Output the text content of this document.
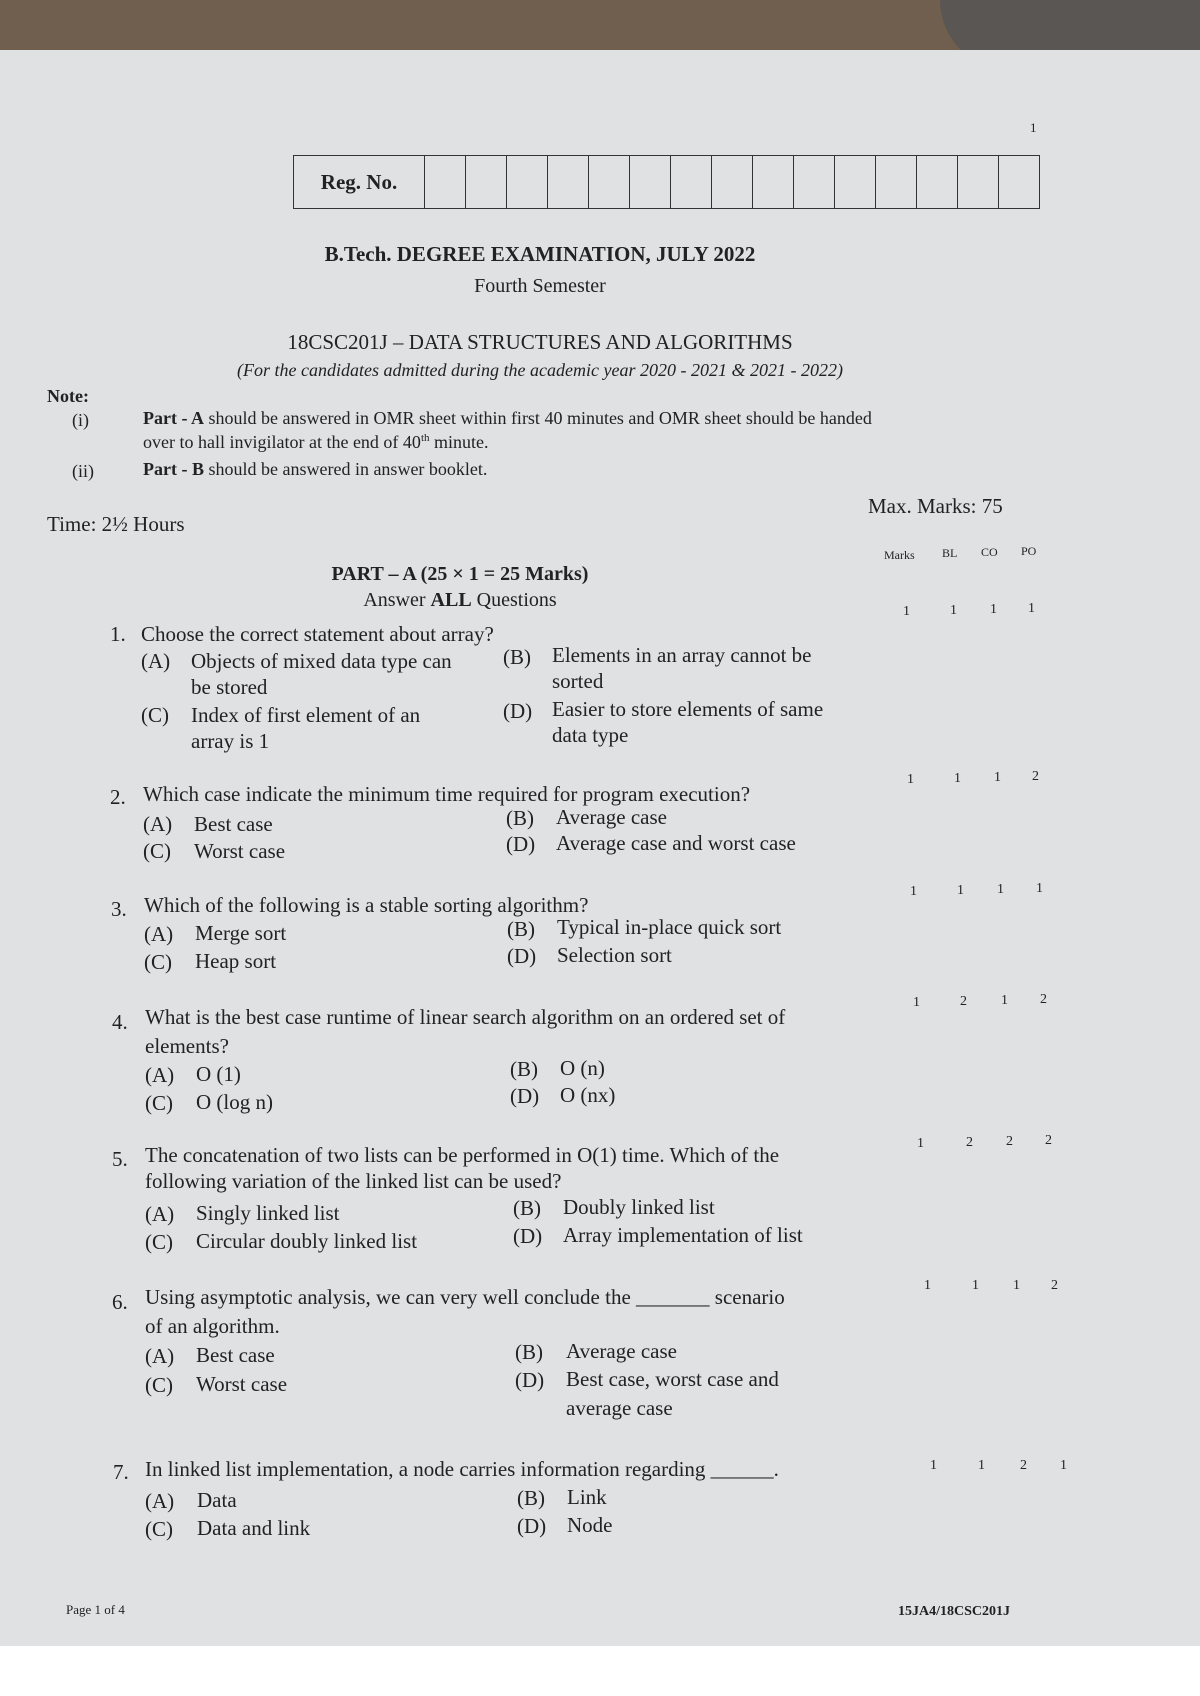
1
Reg. No.
B.Tech. DEGREE EXAMINATION, JULY 2022
Fourth Semester
18CSC201J – DATA STRUCTURES AND ALGORITHMS
(For the candidates admitted during the academic year 2020 - 2021 & 2021 - 2022)
Note:
(i)	Part - A should be answered in OMR sheet within first 40 minutes and OMR sheet should be handed
over to hall invigilator at the end of 40th minute.
(ii)	Part - B should be answered in answer booklet.
Time: 2½ Hours
Max. Marks: 75
Marks BL CO PO
PART – A (25 × 1 = 25 Marks)
Answer ALL Questions
1. Choose the correct statement about array?
(A) Objects of mixed data type can
be stored
(B) Elements in an array cannot be
sorted
(C) Index of first element of an
array is 1
(D) Easier to store elements of same
data type
1	1 1 1
2. Which case indicate the minimum time required for program execution?
(A) Best case	(B) Average case
(C) Worst case	(D) Average case and worst case
1	1 1 2
3. Which of the following is a stable sorting algorithm?
(A) Merge sort	(B) Typical in-place quick sort
(C) Heap sort	(D) Selection sort
1	1 1 1
4. What is the best case runtime of linear search algorithm on an ordered set of
elements?
(A) O (1)	(B) O (n)
(C) O (log n)	(D) O (nx)
1	2 1 2
5. The concatenation of two lists can be performed in O(1) time. Which of the
following variation of the linked list can be used?
(A) Singly linked list	(B) Doubly linked list
(C) Circular doubly linked list	(D) Array implementation of list
1	2 2 2
6. Using asymptotic analysis, we can very well conclude the _______ scenario
of an algorithm.
(A) Best case	(B) Average case
(C) Worst case	(D) Best case, worst case and
average case
1	1 1 2
7. In linked list implementation, a node carries information regarding ______.
(A) Data	(B) Link
(C) Data and link	(D) Node
1	1	2 1
Page 1 of 4	15JA4/18CSC201J
